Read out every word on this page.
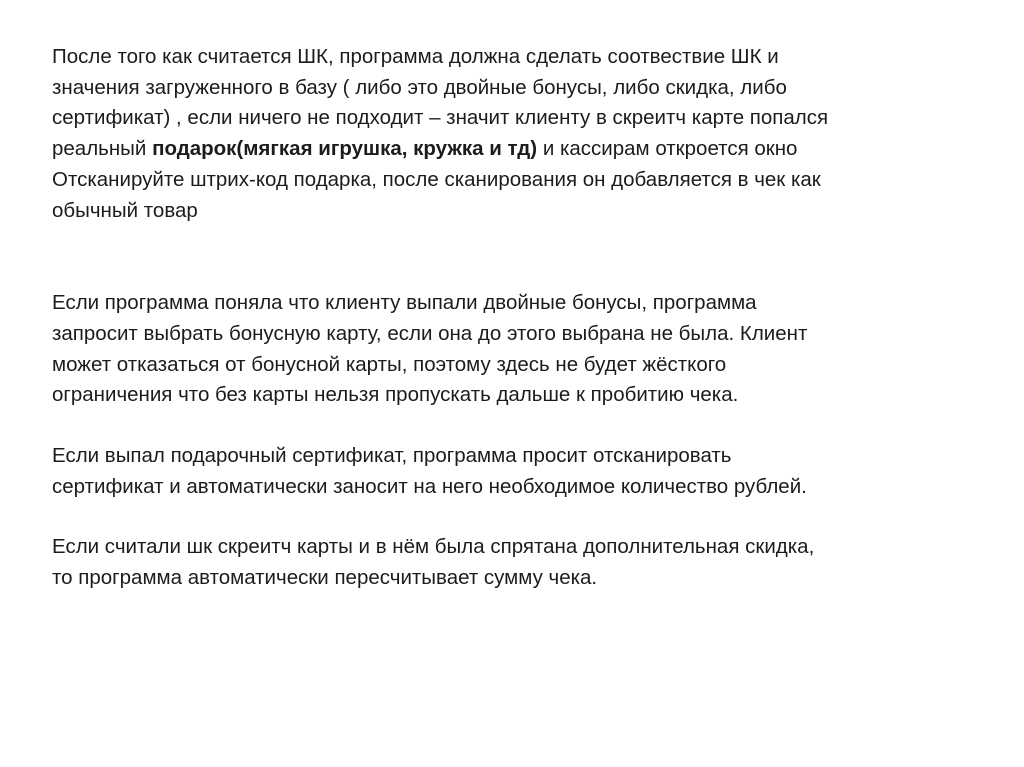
После того как считается ШК, программа должна сделать соотвествие ШК и
значения загруженного в базу ( либо это двойные бонусы, либо скидка, либо
сертификат) , если ничего не подходит – значит клиенту в скреитч карте попался
реальный подарок(мягкая игрушка, кружка и тд) и кассирам откроется окно
Отсканируйте штрих-код подарка, после сканирования он добавляется в чек как
обычный товар

Если программа поняла что клиенту выпали двойные бонусы, программа
запросит выбрать бонусную карту, если она до этого выбрана не была. Клиент
может отказаться от бонусной карты, поэтому здесь не будет жёсткого
ограничения что без карты нельзя пропускать дальше к пробитию чека.

Если выпал подарочный сертификат, программа просит отсканировать
сертификат и автоматически заносит на него необходимое количество рублей.

Если считали шк скреитч карты и в нём была спрятана дополнительная скидка,
то программа автоматически пересчитывает сумму чека.
